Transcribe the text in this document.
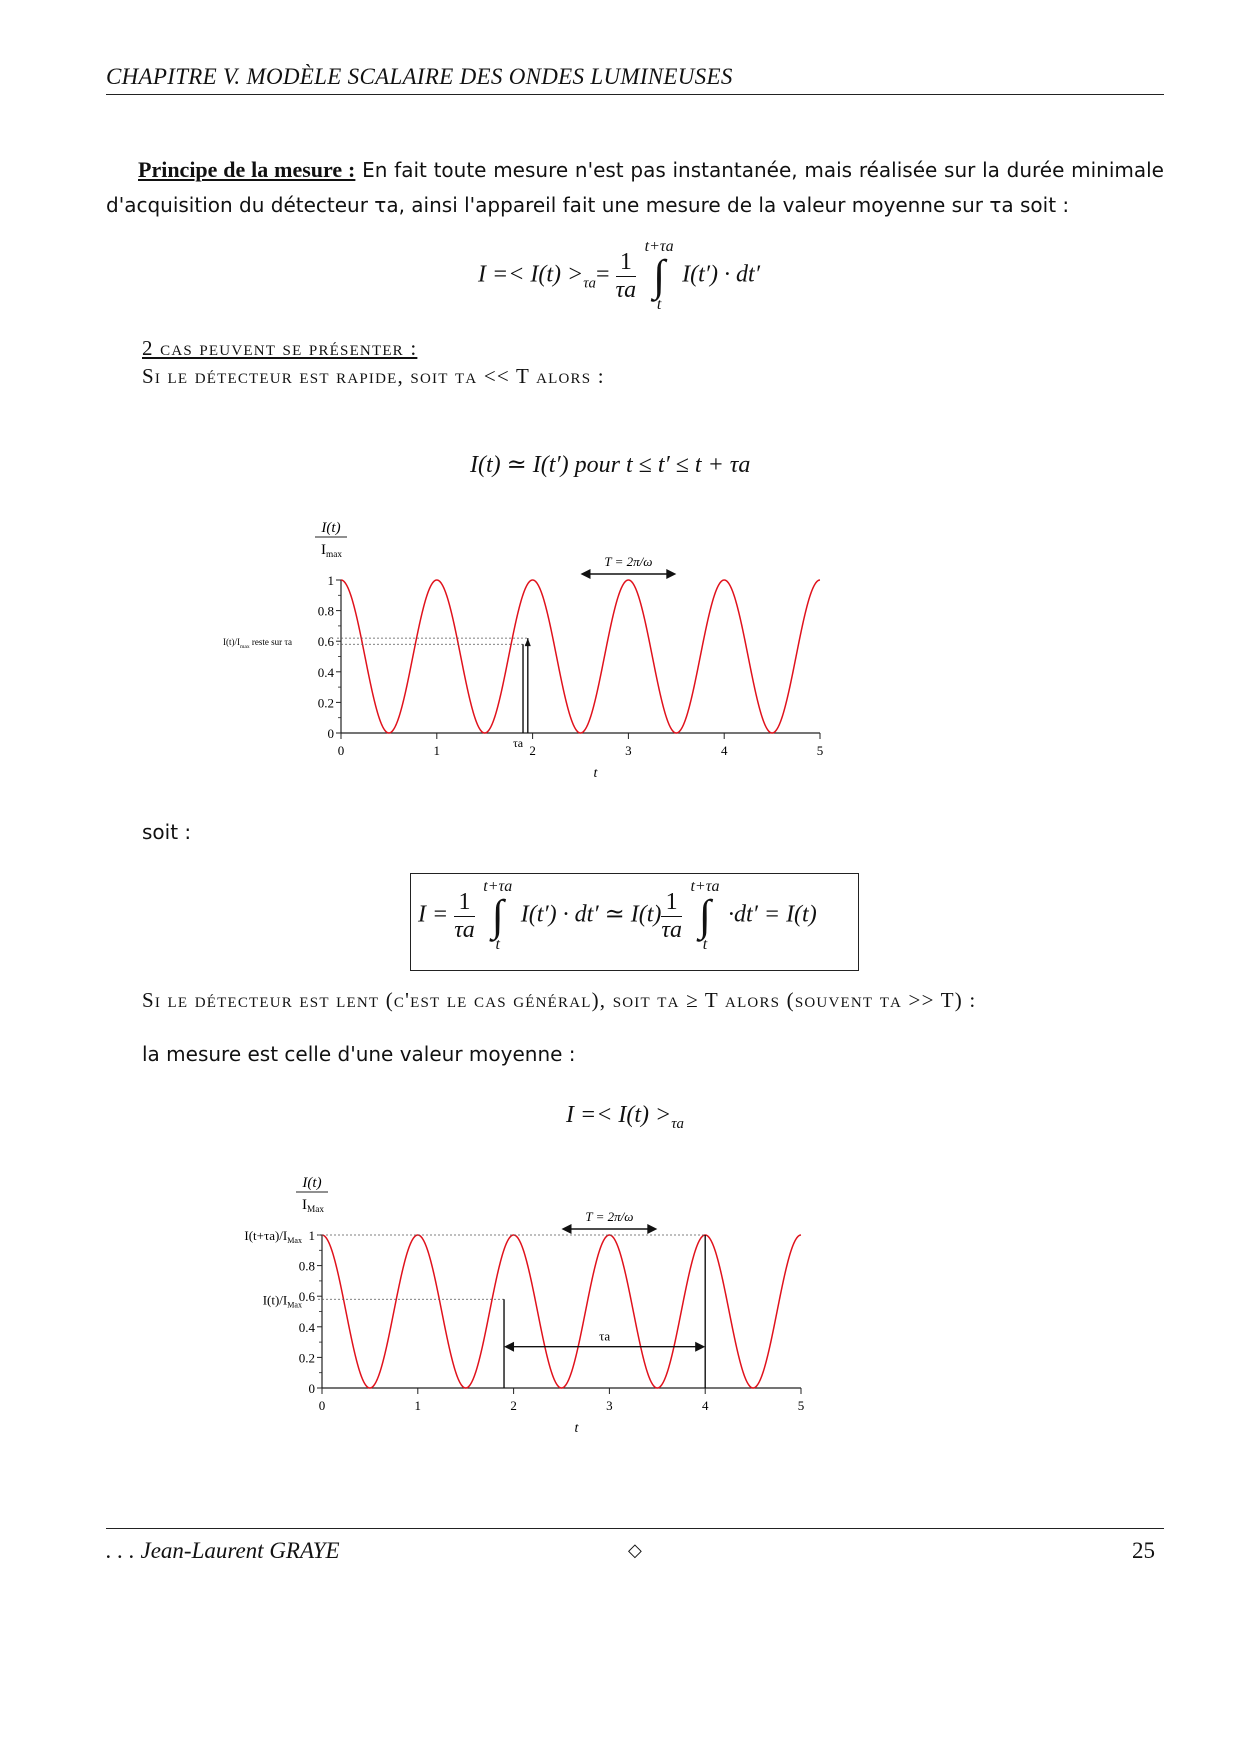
CHAPITRE V. MODÈLE SCALAIRE DES ONDES LUMINEUSES
Principe de la mesure : En fait toute mesure n'est pas instantanée, mais réalisée sur la durée minimale d'acquisition du détecteur τa, ainsi l'appareil fait une mesure de la valeur moyenne sur τa soit :
$I =< I(t) >_{\tau a}= \frac{1}{\tau a}$

t+τa
∫
t
I(t′) · dt′
2 cas peuvent se présenter :
Si le détecteur est rapide, soit τa << T alors :
I(t) ≃ I(t′) pour t ≤ t′ ≤ t + τa
0
0.2
0.4
0.6
0.8
1
0	1	2	3	4	5
t
I(t)
$I_{max}$	T = 2π/ω
τa
$I(t)/I_{max}$ reste sur τa
soit :
$I = \frac{1}{\tau a}$

t+τa
∫
t
I(t′) · dt′ ≃ $I(t) \frac{1}{\tau a}$

t+τa
∫
t
·dt′ = I(t)
Si le détecteur est lent (c'est le cas général), soit τa ≥ T alors (souvent τa >> T) :
la mesure est celle d'une valeur moyenne :
$I =< I(t) >_{\tau a}$
0
0.2
0.4
0.6
0.8
1
0	1	2	3	4	5
t
I(t)
$I_{Max}$	T = 2π/ω
τa
$I(t+\tau a)/I_{Max}$
$I(t)/I_{Max}$
. . . Jean-Laurent GRAYE	◇	25
